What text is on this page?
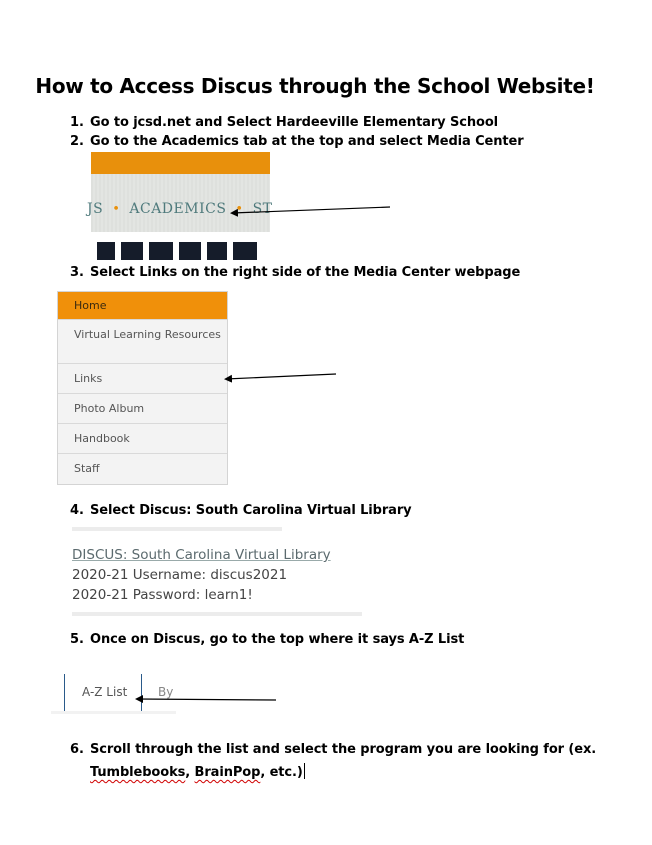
How to Access Discus through the School Website!
1. Go to jcsd.net and Select Hardeeville Elementary School
2. Go to the Academics tab at the top and select Media Center
JS • ACADEMICS • ST
3. Select Links on the right side of the Media Center webpage
Home
Virtual Learning Resources
Links
Photo Album
Handbook
Staff
4. Select Discus: South Carolina Virtual Library
DISCUS: South Carolina Virtual Library
2020-21 Username: discus2021
2020-21 Password: learn1!
5. Once on Discus, go to the top where it says A-Z List
A-Z List	By
6. Scroll through the list and select the program you are looking for (ex.
Tumblebooks, BrainPop, etc.)
